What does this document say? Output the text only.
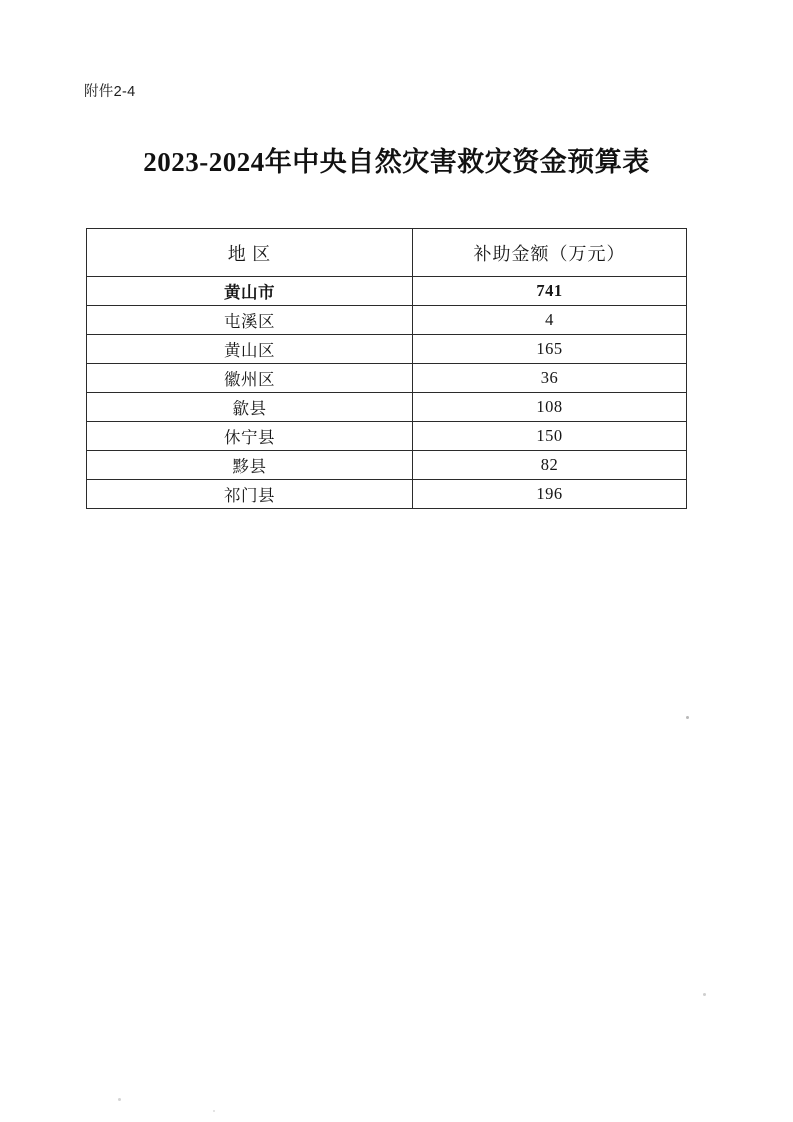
附件2-4
2023-2024年中央自然灾害救灾资金预算表
地 区	补助金额（万元）
黄山市	741
屯溪区	4
黄山区	165
徽州区	36
歙县	108
休宁县	150
黟县	82
祁门县	196
